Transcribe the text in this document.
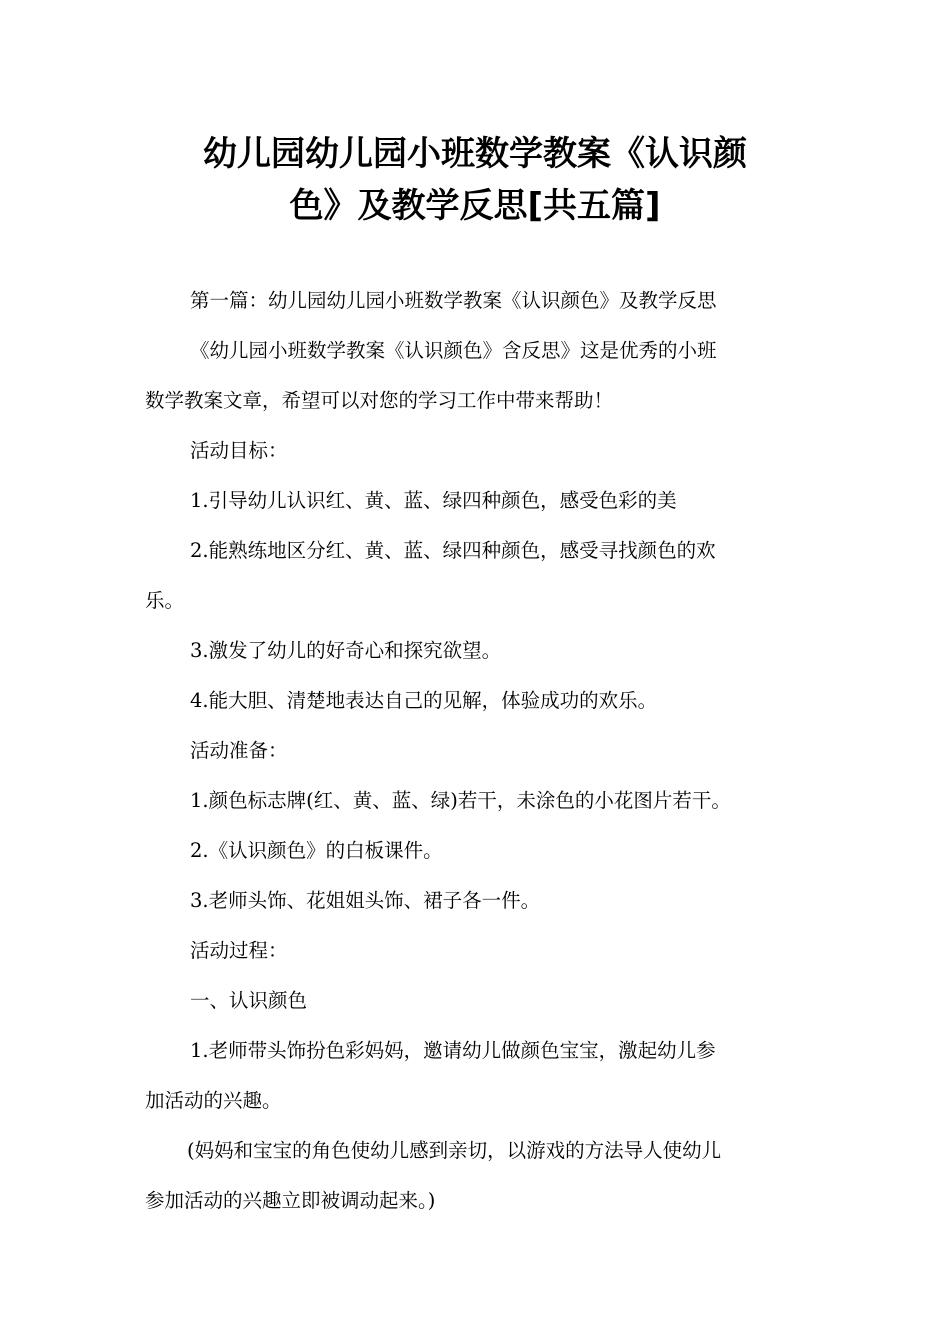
幼儿园幼儿园小班数学教案《认识颜
色》及教学反思[共五篇]

第一篇：幼儿园幼儿园小班数学教案《认识颜色》及教学反思

《幼儿园小班数学教案《认识颜色》含反思》这是优秀的小班

数学教案文章，希望可以对您的学习工作中带来帮助！

活动目标：

1.引导幼儿认识红、黄、蓝、绿四种颜色，感受色彩的美

2.能熟练地区分红、黄、蓝、绿四种颜色，感受寻找颜色的欢

乐。

3.激发了幼儿的好奇心和探究欲望。

4.能大胆、清楚地表达自己的见解，体验成功的欢乐。

活动准备：

1.颜色标志牌(红、黄、蓝、绿)若干，未涂色的小花图片若干。

2.《认识颜色》的白板课件。

3.老师头饰、花姐姐头饰、裙子各一件。

活动过程：

一、认识颜色

1.老师带头饰扮色彩妈妈，邀请幼儿做颜色宝宝，激起幼儿参

加活动的兴趣。

(妈妈和宝宝的角色使幼儿感到亲切，以游戏的方法导人使幼儿

参加活动的兴趣立即被调动起来。)
